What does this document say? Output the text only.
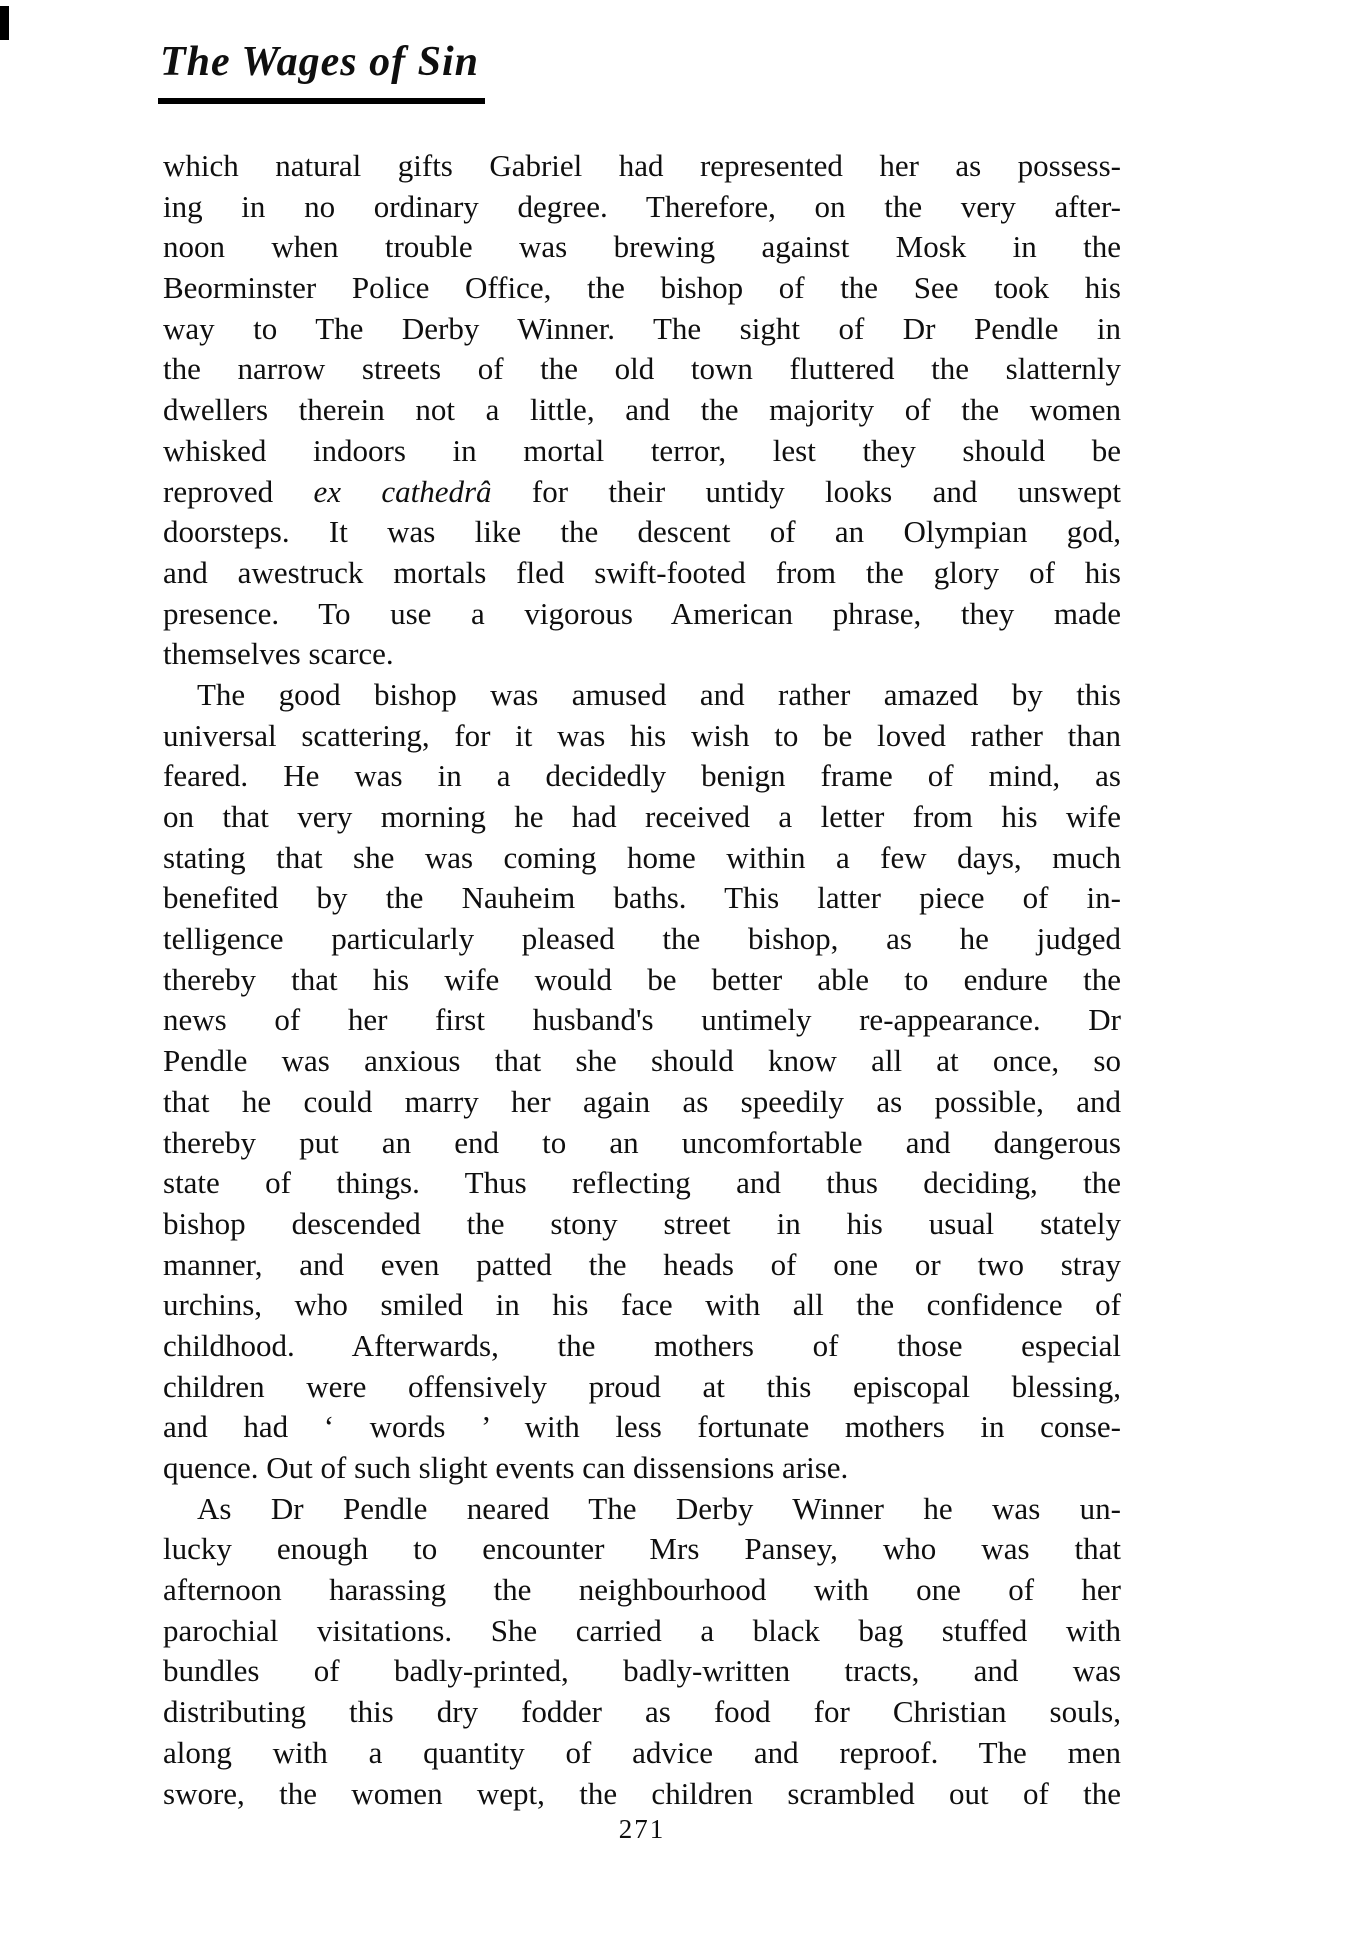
The Wages of Sin
which natural gifts Gabriel had represented her as possess-
ing in no ordinary degree. Therefore, on the very after-
noon when trouble was brewing against Mosk in the
Beorminster Police Office, the bishop of the See took his
way to The Derby Winner. The sight of Dr Pendle in
the narrow streets of the old town fluttered the slatternly
dwellers therein not a little, and the majority of the women
whisked indoors in mortal terror, lest they should be
reproved ex cathedrâ for their untidy looks and unswept
doorsteps. It was like the descent of an Olympian god,
and awestruck mortals fled swift-footed from the glory of his
presence. To use a vigorous American phrase, they made
themselves scarce.
The good bishop was amused and rather amazed by this
universal scattering, for it was his wish to be loved rather than
feared. He was in a decidedly benign frame of mind, as
on that very morning he had received a letter from his wife
stating that she was coming home within a few days, much
benefited by the Nauheim baths. This latter piece of in-
telligence particularly pleased the bishop, as he judged
thereby that his wife would be better able to endure the
news of her first husband's untimely re-appearance. Dr
Pendle was anxious that she should know all at once, so
that he could marry her again as speedily as possible, and
thereby put an end to an uncomfortable and dangerous
state of things. Thus reflecting and thus deciding, the
bishop descended the stony street in his usual stately
manner, and even patted the heads of one or two stray
urchins, who smiled in his face with all the confidence of
childhood. Afterwards, the mothers of those especial
children were offensively proud at this episcopal blessing,
and had ‘ words ’ with less fortunate mothers in conse-
quence. Out of such slight events can dissensions arise.
As Dr Pendle neared The Derby Winner he was un-
lucky enough to encounter Mrs Pansey, who was that
afternoon harassing the neighbourhood with one of her
parochial visitations. She carried a black bag stuffed with
bundles of badly-printed, badly-written tracts, and was
distributing this dry fodder as food for Christian souls,
along with a quantity of advice and reproof. The men
swore, the women wept, the children scrambled out of the
271
